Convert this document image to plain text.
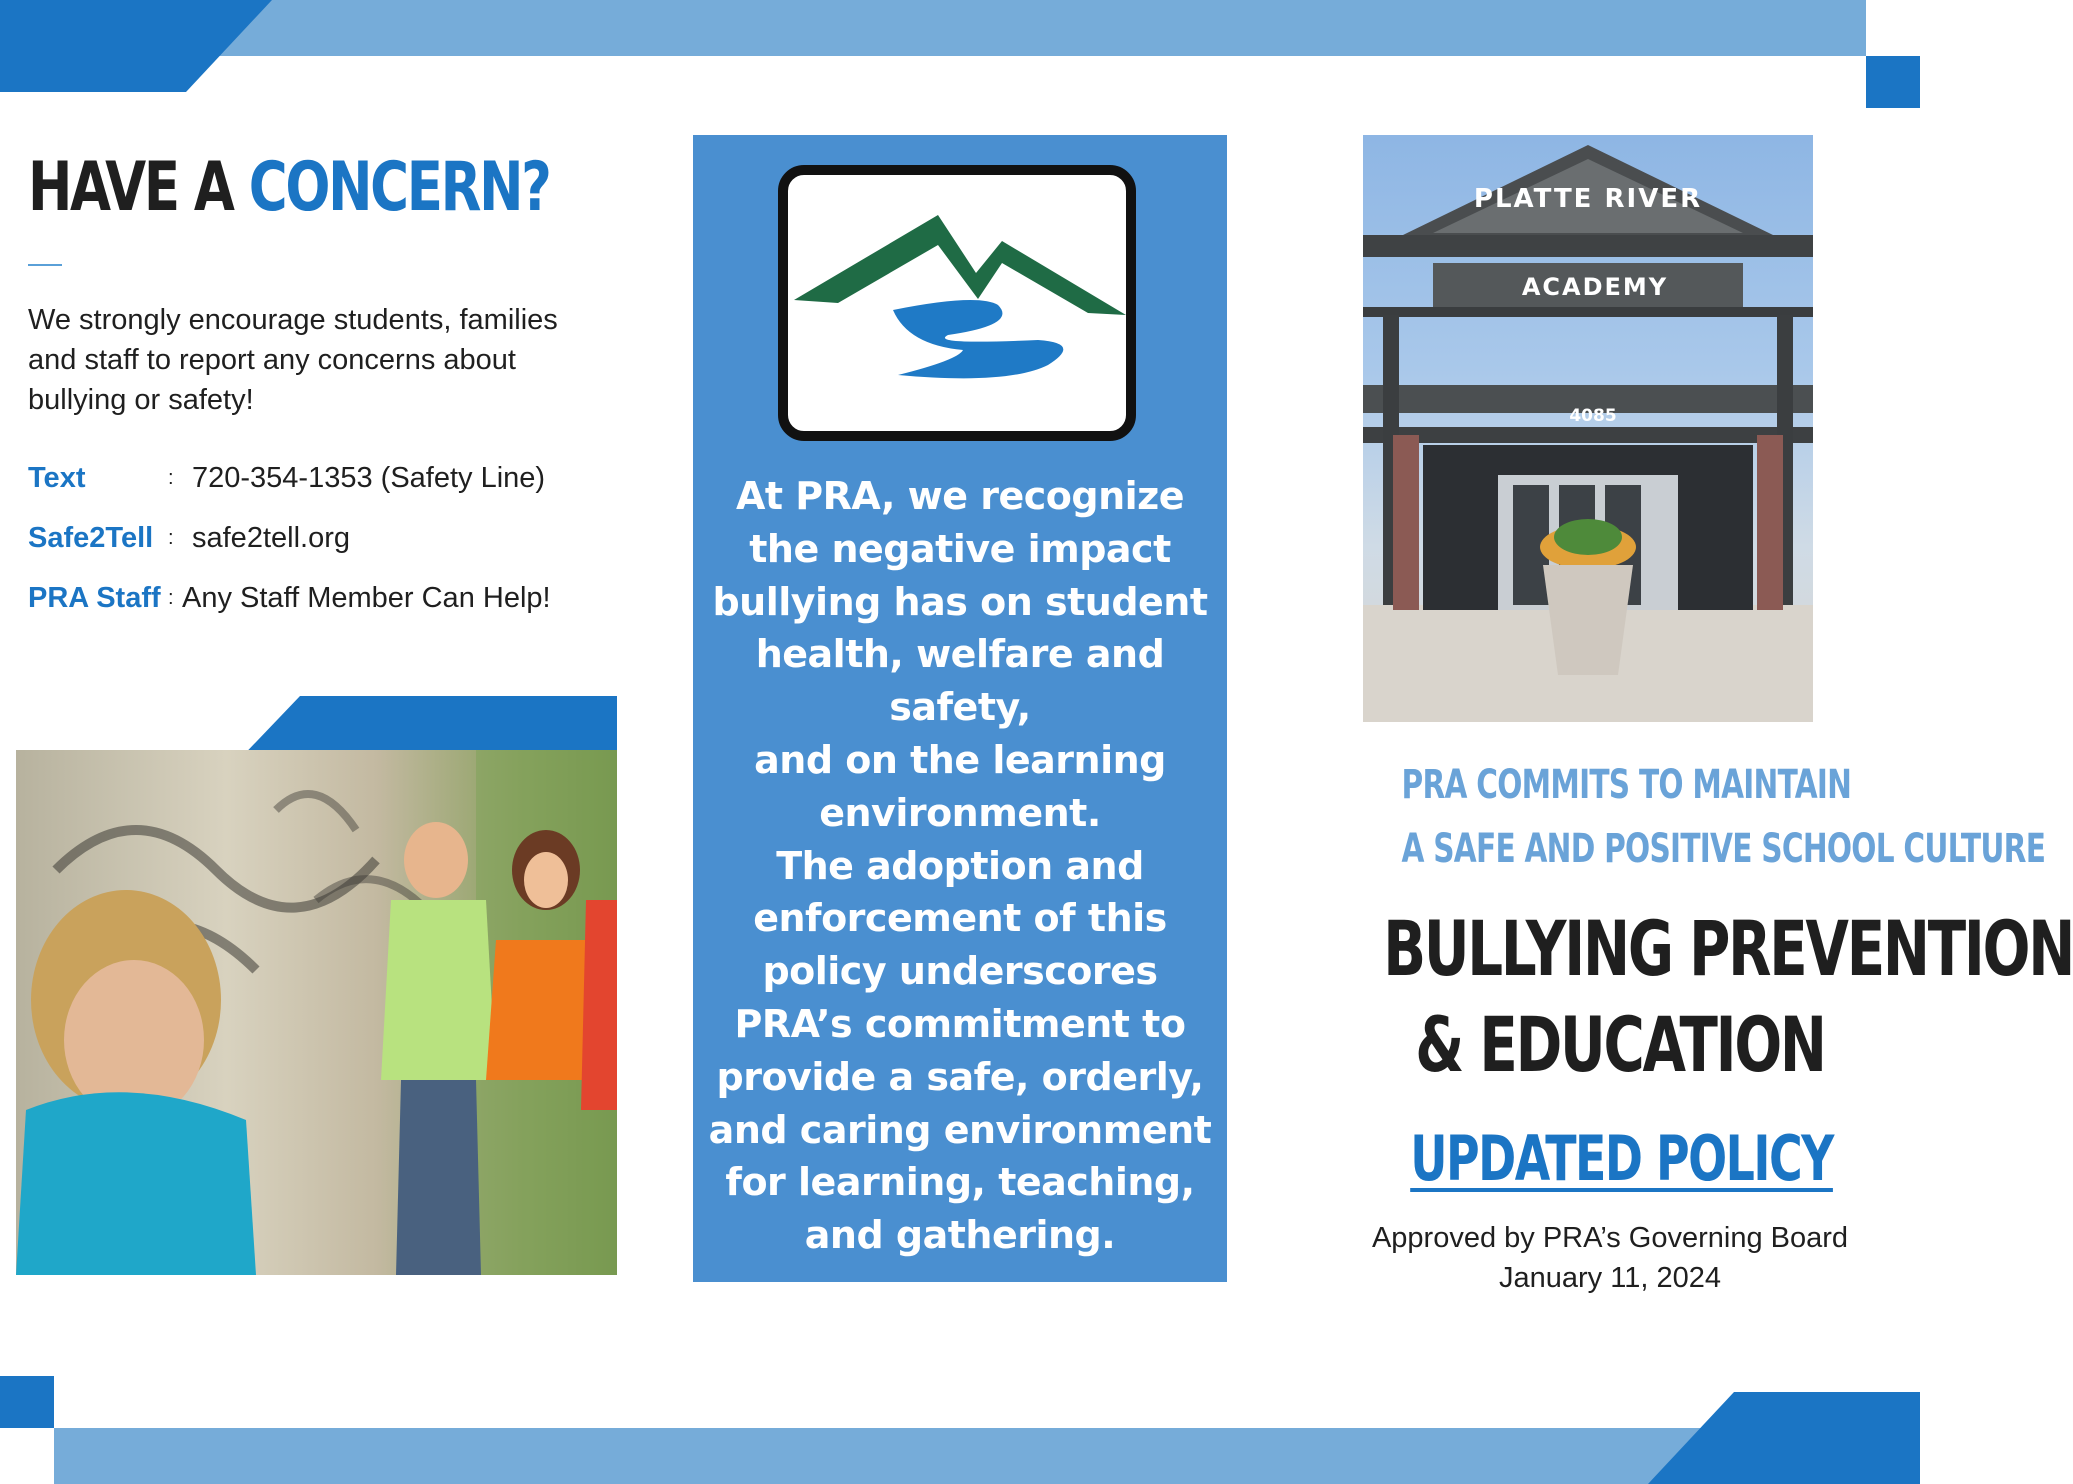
HAVE A CONCERN?

We strongly encourage students, families and staff to report any concerns about bullying or safety!

Text	: 720-354-1353 (Safety Line)
Safe2Tell : safe2tell.org
PRA Staff : Any Staff Member Can Help!
At PRA, we recognize
the negative impact
bullying has on student
health, welfare and
safety,
and on the learning
environment.
The adoption and
enforcement of this
policy underscores
PRA’s commitment to
provide a safe, orderly,
and caring environment
for learning, teaching,
and gathering.
PLATTE RIVER
ACADEMY
4085

PRA COMMITS TO MAINTAIN

A SAFE AND POSITIVE SCHOOL CULTURE

BULLYING PREVENTION
& EDUCATION

UPDATED POLICY

Approved by PRA’s Governing Board

January 11, 2024
